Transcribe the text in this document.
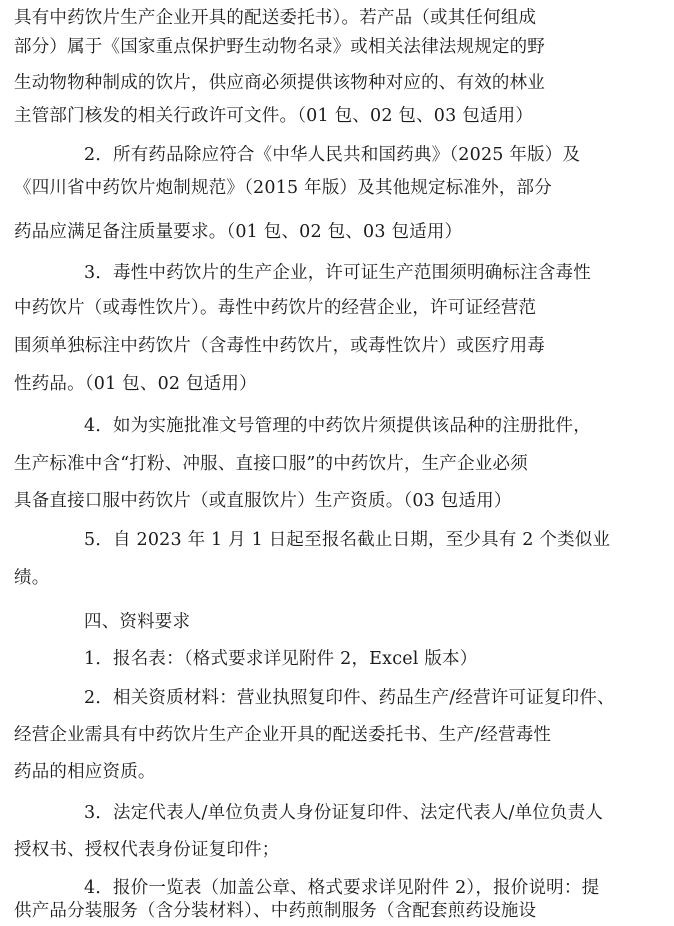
具有中药饮片生产企业开具的配送委托书）。若产品（或其任何组成
部分）属于《国家重点保护野生动物名录》或相关法律法规规定的野
生动物物种制成的饮片，供应商必须提供该物种对应的、有效的林业
主管部门核发的相关行政许可文件。（01 包、02 包、03 包适用）
2．所有药品除应符合《中华人民共和国药典》（2025 年版）及
《四川省中药饮片炮制规范》（2015 年版）及其他规定标准外，部分
药品应满足备注质量要求。（01 包、02 包、03 包适用）
3．毒性中药饮片的生产企业，许可证生产范围须明确标注含毒性
中药饮片（或毒性饮片）。毒性中药饮片的经营企业，许可证经营范
围须单独标注中药饮片（含毒性中药饮片，或毒性饮片）或医疗用毒
性药品。（01 包、02 包适用）
4．如为实施批准文号管理的中药饮片须提供该品种的注册批件，
生产标准中含“打粉、冲服、直接口服”的中药饮片，生产企业必须
具备直接口服中药饮片（或直服饮片）生产资质。（03 包适用）
5．自 2023 年 1 月 1 日起至报名截止日期，至少具有 2 个类似业
绩。
四、资料要求
1．报名表：（格式要求详见附件 2，Excel 版本）
2．相关资质材料：营业执照复印件、药品生产/经营许可证复印件、
经营企业需具有中药饮片生产企业开具的配送委托书、生产/经营毒性
药品的相应资质。
3．法定代表人/单位负责人身份证复印件、法定代表人/单位负责人
授权书、授权代表身份证复印件；
4．报价一览表（加盖公章、格式要求详见附件 2），报价说明：提
供产品分装服务（含分装材料）、中药煎制服务（含配套煎药设施设
